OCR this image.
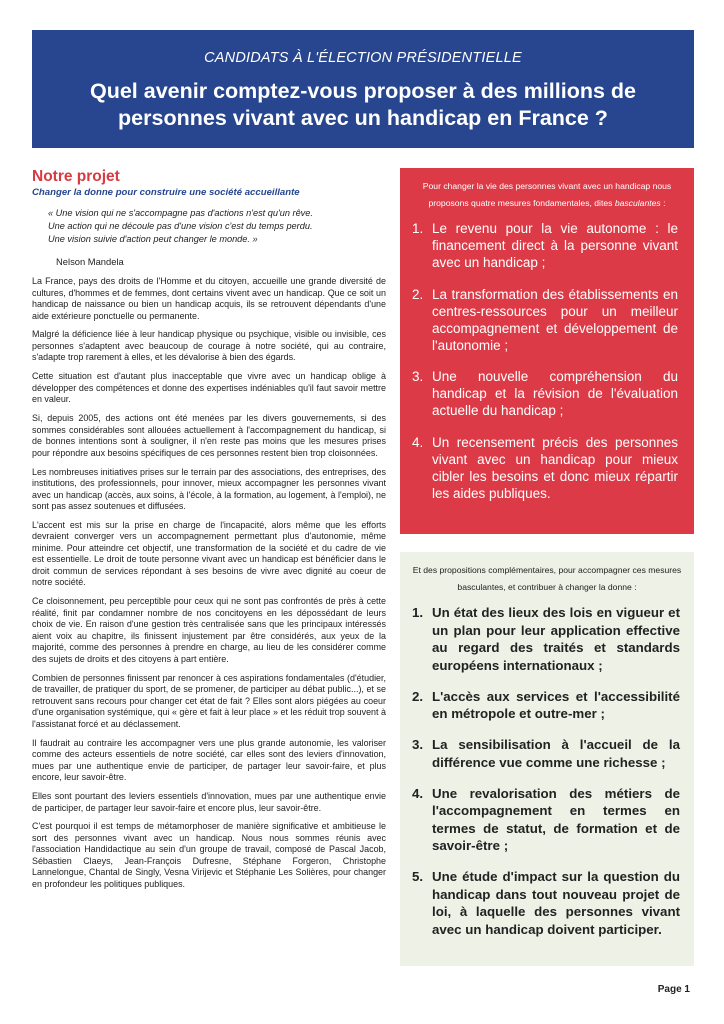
CANDIDATS À L'ÉLECTION PRÉSIDENTIELLE
Quel avenir comptez-vous proposer à des millions de personnes vivant avec un handicap en France ?
Notre projet
Changer la donne pour construire une société accueillante
« Une vision qui ne s'accompagne pas d'actions n'est qu'un rêve.
Une action qui ne découle pas d'une vision c'est du temps perdu.
Une vision suivie d'action peut changer le monde. »
Nelson Mandela

La France, pays des droits de l'Homme et du citoyen, accueille une grande diversité de cultures, d'hommes et de femmes, dont certains vivent avec un handicap. Que ce soit un handicap de naissance ou bien un handicap acquis, ils se retrouvent dépendants d'une aide extérieure ponctuelle ou permanente.

Malgré la déficience liée à leur handicap physique ou psychique, visible ou invisible, ces personnes s'adaptent avec beaucoup de courage à notre société, qui au contraire, s'adapte trop rarement à elles, et les dévalorise à bien des égards.

Cette situation est d'autant plus inacceptable que vivre avec un handicap oblige à développer des compétences et donne des expertises indéniables qu'il faut savoir mettre en valeur.

Si, depuis 2005, des actions ont été menées par les divers gouvernements, si des sommes considérables sont allouées actuellement à l'accompagnement du handicap, si de bonnes intentions sont à souligner, il n'en reste pas moins que les mesures prises pour répondre aux besoins spécifiques de ces personnes restent bien trop cloisonnées.

Les nombreuses initiatives prises sur le terrain par des associations, des entreprises, des institutions, des professionnels, pour innover, mieux accompagner les personnes vivant avec un handicap (accès, aux soins, à l'école, à la formation, au logement, à l'emploi), ne sont pas assez soutenues et diffusées.

L'accent est mis sur la prise en charge de l'incapacité, alors même que les efforts devraient converger vers un accompagnement permettant plus d'autonomie, même minime. Pour atteindre cet objectif, une transformation de la société et du cadre de vie est essentielle. Le droit de toute personne vivant avec un handicap est bénéficier dans le droit commun de services répondant à ses besoins de vivre avec dignité au coeur de notre société.

Ce cloisonnement, peu perceptible pour ceux qui ne sont pas confrontés de près à cette réalité, finit par condamner nombre de nos concitoyens en les dépossédant de leurs choix de vie. En raison d'une gestion très centralisée sans que les principaux intéressés aient voix au chapitre, ils finissent injustement par être considérés, aux yeux de la majorité, comme des personnes à prendre en charge, au lieu de les considérer comme des sujets de droits et des citoyens à part entière.

Combien de personnes finissent par renoncer à ces aspirations fondamentales (d'étudier, de travailler, de pratiquer du sport, de se promener, de participer au débat public...), et se retrouvent sans recours pour changer cet état de fait ? Elles sont alors piégées au coeur d'une organisation systémique, qui « gère et fait à leur place » et les réduit trop souvent à l'assistanat forcé et au déclassement.

Il faudrait au contraire les accompagner vers une plus grande autonomie, les valoriser comme des acteurs essentiels de notre société, car elles sont des leviers d'innovation, mues par une authentique envie de participer, de partager leur savoir-faire, et plus encore, leur savoir-être.

Elles sont pourtant des leviers essentiels d'innovation, mues par une authentique envie de participer, de partager leur savoir-faire et encore plus, leur savoir-être.

C'est pourquoi il est temps de métamorphoser de manière significative et ambitieuse le sort des personnes vivant avec un handicap. Nous nous sommes réunis avec l'association Handidactique au sein d'un groupe de travail, composé de Pascal Jacob, Sébastien Claeys, Jean-François Dufresne, Stéphane Forgeron, Christophe Lannelongue, Chantal de Singly, Vesna Virijevic et Stéphanie Les Solières, pour changer en profondeur les politiques publiques.

Pour changer la vie des personnes vivant avec un handicap nous proposons quatre mesures fondamentales, dites basculantes :
1. Le revenu pour la vie autonome : le financement direct à la personne vivant avec un handicap ;
2. La transformation des établissements en centres-ressources pour un meilleur accompagnement et développement de l'autonomie ;
3. Une nouvelle compréhension du handicap et la révision de l'évaluation actuelle du handicap ;
4. Un recensement précis des personnes vivant avec un handicap pour mieux cibler les besoins et donc mieux répartir les aides publiques.
Et des propositions complémentaires, pour accompagner ces mesures basculantes, et contribuer à changer la donne :
1. Un état des lieux des lois en vigueur et un plan pour leur application effective au regard des traités et standards européens internationaux ;
2. L'accès aux services et l'accessibilité en métropole et outre-mer ;
3. La sensibilisation à l'accueil de la différence vue comme une richesse ;
4. Une revalorisation des métiers de l'accompagnement en termes en termes de statut, de formation et de savoir-être ;
5. Une étude d'impact sur la question du handicap dans tout nouveau projet de loi, à laquelle des personnes vivant avec un handicap doivent participer.
Page 1
